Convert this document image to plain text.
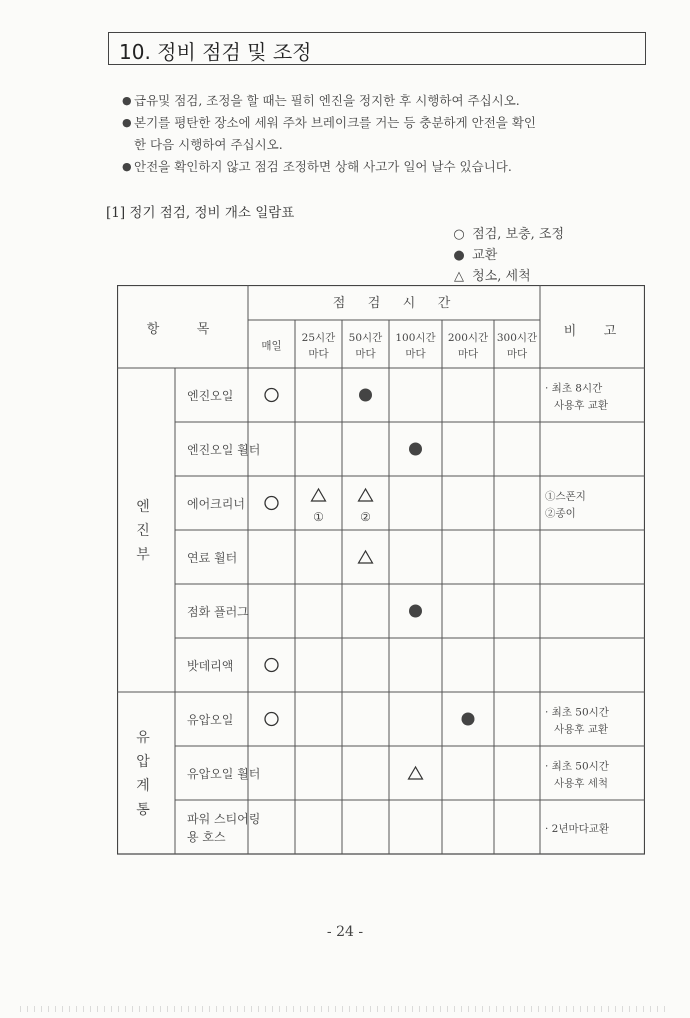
10. 정비 점검 및 조정
● 급유및 점검, 조정을 할 때는 필히 엔진을 정지한 후 시행하여 주십시오.
● 본기를 평탄한 장소에 세워 주차 브레이크를 거는 등 충분하게 안전을 확인
한 다음 시행하여 주십시오.
● 안전을 확인하지 않고 점검 조정하면 상해 사고가 일어 날수 있습니다.
[1] 정기 점검, 정비 개소 일람표
○ 점검, 보충, 조정
● 교환
△ 청소, 세척
항	목
점 검 시 간
비 고
매일
25시간
마다
50시간
마다
100시간
마다
200시간
마다
300시간
마다
엔
진
부
유
압
계
통
엔진오일
· 최초 8시간
사용후 교환
엔진오일 휠터
에어크리너
①	②
①스폰지
②종이
연료 휠터
점화 플러그
밧데리액
유압오일
· 최초 50시간
사용후 교환
유압오일 휠터
· 최초 50시간
사용후 세척
파워 스티어링
용 호스
· 2년마다교환
- 24 -
